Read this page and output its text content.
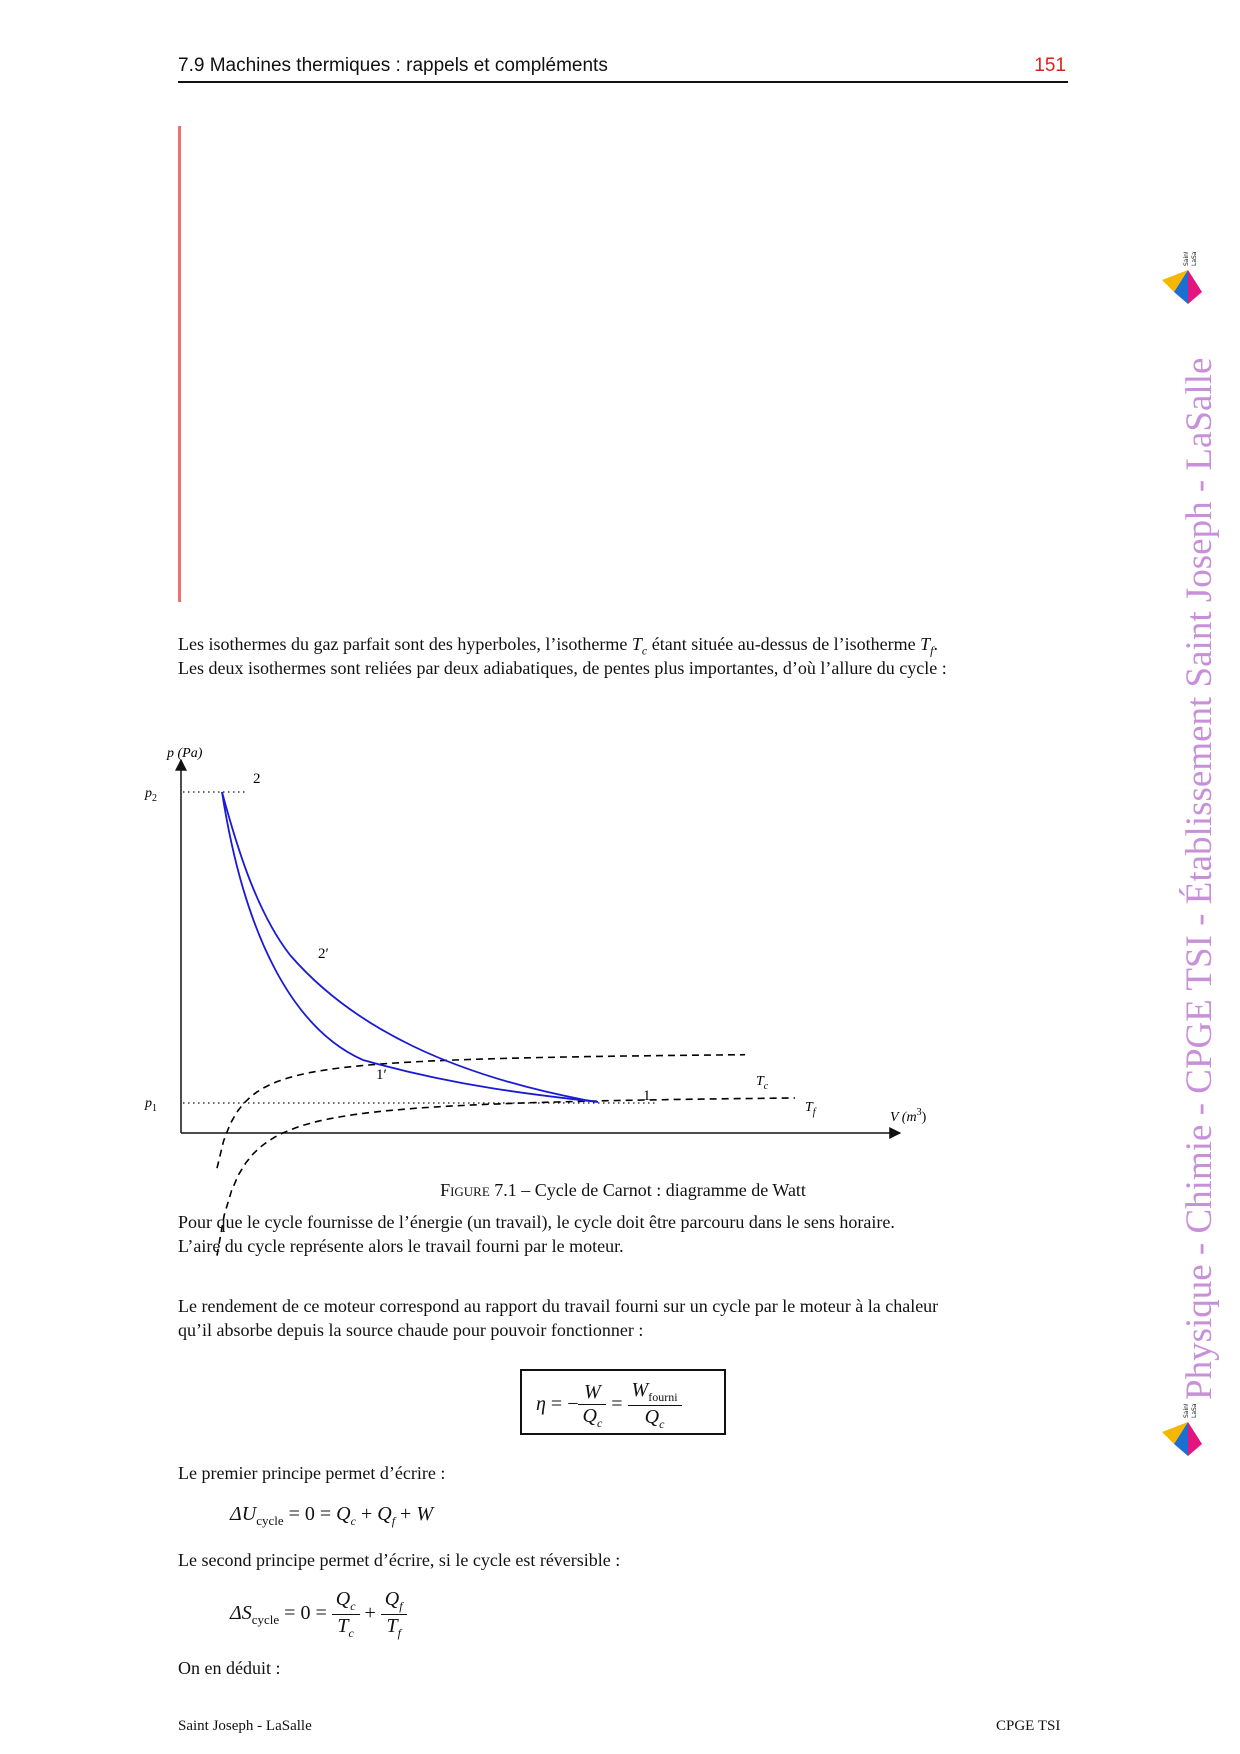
7.9 Machines thermiques : rappels et compléments	151

Les isothermes du gaz parfait sont des hyperboles, l’isotherme $T_c$ étant située au-dessus de l’isotherme $T_f$.

Les deux isothermes sont reliées par deux adiabatiques, de pentes plus importantes, d’où l’allure du cycle :

p (Pa)
$p_2$
$p_1$
2
2′
1
1′	$T_c$
$T_f$	V $(m^3)$
Figure 7.1 – Cycle de Carnot : diagramme de Watt

Pour que le cycle fournisse de l’énergie (un travail), le cycle doit être parcouru dans le sens horaire.

L’aire du cycle représente alors le travail fourni par le moteur.

Le rendement de ce moteur correspond au rapport du travail fourni sur un cycle par le moteur à la chaleur

qu’il absorbe depuis la source chaude pour pouvoir fonctionner :

η = − $\frac{W}{Q_c} = \frac{W_{fourni}}{Q_c}$

Le premier principe permet d’écrire :

$\Delta U_{cycle} = 0 = Q_c + Q_f + W$

Le second principe permet d’écrire, si le cycle est réversible :

$\Delta S_{cycle} = 0 = \frac{Q_c}{T_c} + \frac{Q_f}{T_f}$

On en déduit :

Saint Joseph - LaSalle	CPGE TSI
Physique - Chimie - CPGE TSI - Établissement Saint Joseph - LaSalle
LaSalle
LaSalle
